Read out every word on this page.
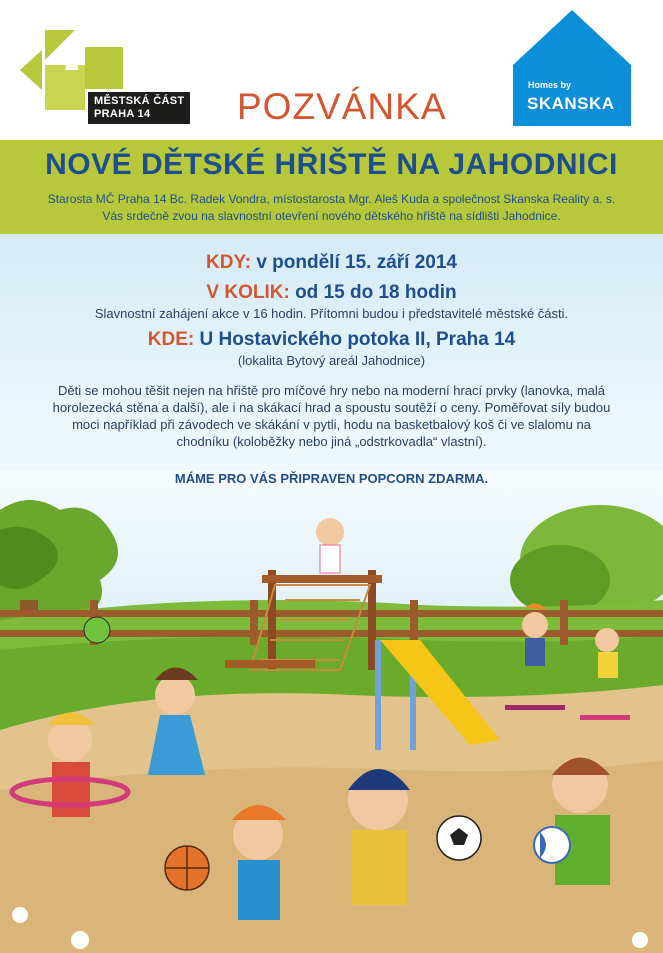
MĚSTSKÁ ČÁST
PRAHA 14	POZVÁNKA
Homes by
SKANSKA
NOVÉ DĚTSKÉ HŘIŠTĚ NA JAHODNICI
Starosta MČ Praha 14 Bc. Radek Vondra, místostarosta Mgr. Aleš Kuda a společnost Skanska Reality a. s.
Vás srdečně zvou na slavnostní otevření nového dětského hřiště na sídlišti Jahodnice.
KDY: v pondělí 15. září 2014
V KOLIK: od 15 do 18 hodin
Slavnostní zahájení akce v 16 hodin. Přítomni budou i představitelé městské části.
KDE: U Hostavického potoka II, Praha 14
(lokalita Bytový areál Jahodnice)
Děti se mohou těšit nejen na hřiště pro míčové hry nebo na moderní hrací prvky (lanovka, malá
horolezecká stěna a další), ale i na skákací hrad a spoustu soutěží o ceny. Poměřovat síly budou
moci například při závodech ve skákání v pytli, hodu na basketbalový koš či ve slalomu na
chodníku (koloběžky nebo jiná „odstrkovadla“ vlastní).
MÁME PRO VÁS PŘIPRAVEN POPCORN ZDARMA.
